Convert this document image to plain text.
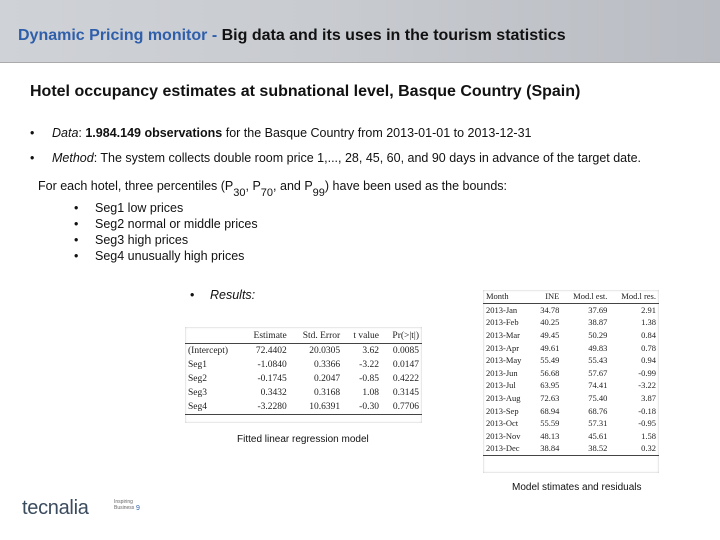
Dynamic Pricing monitor - Big data and its uses in the tourism statistics
Hotel occupancy estimates at subnational level, Basque Country (Spain)
• Data: 1.984.149 observations for the Basque Country from 2013-01-01 to 2013-12-31
• Method: The system collects double room price 1,..., 28, 45, 60, and 90 days in advance of the target date.
For each hotel, three percentiles (P30, P70, and P99) have been used as the bounds:
• Seg1 low prices
• Seg2 normal or middle prices
• Seg3 high prices
• Seg4 unusually high prices
• Results:
	Estimate	Std. Error	t value	Pr(>|t|)
(Intercept)	72.4402	20.0305	3.62	0.0085
Seg1	-1.0840	0.3366	-3.22	0.0147
Seg2	-0.1745	0.2047	-0.85	0.4222
Seg3	0.3432	0.3168	1.08	0.3145
Seg4	-3.2280	10.6391	-0.30	0.7706
Fitted linear regression model
Month	INE	Mod.l est.	Mod.l res.
2013-Jan	34.78	37.69	2.91
2013-Feb	40.25	38.87	1.38
2013-Mar	49.45	50.29	0.84
2013-Apr	49.61	49.83	0.78
2013-May	55.49	55.43	0.94
2013-Jun	56.68	57.67	-0.99
2013-Jul	63.95	74.41	-3.22
2013-Aug	72.63	75.40	3.87
2013-Sep	68.94	68.76	-0.18
2013-Oct	55.59	57.31	-0.95
2013-Nov	48.13	45.61	1.58
2013-Dec	38.84	38.52	0.32
Model stimates and residuals
tecnalia	Inspiring Business 9
